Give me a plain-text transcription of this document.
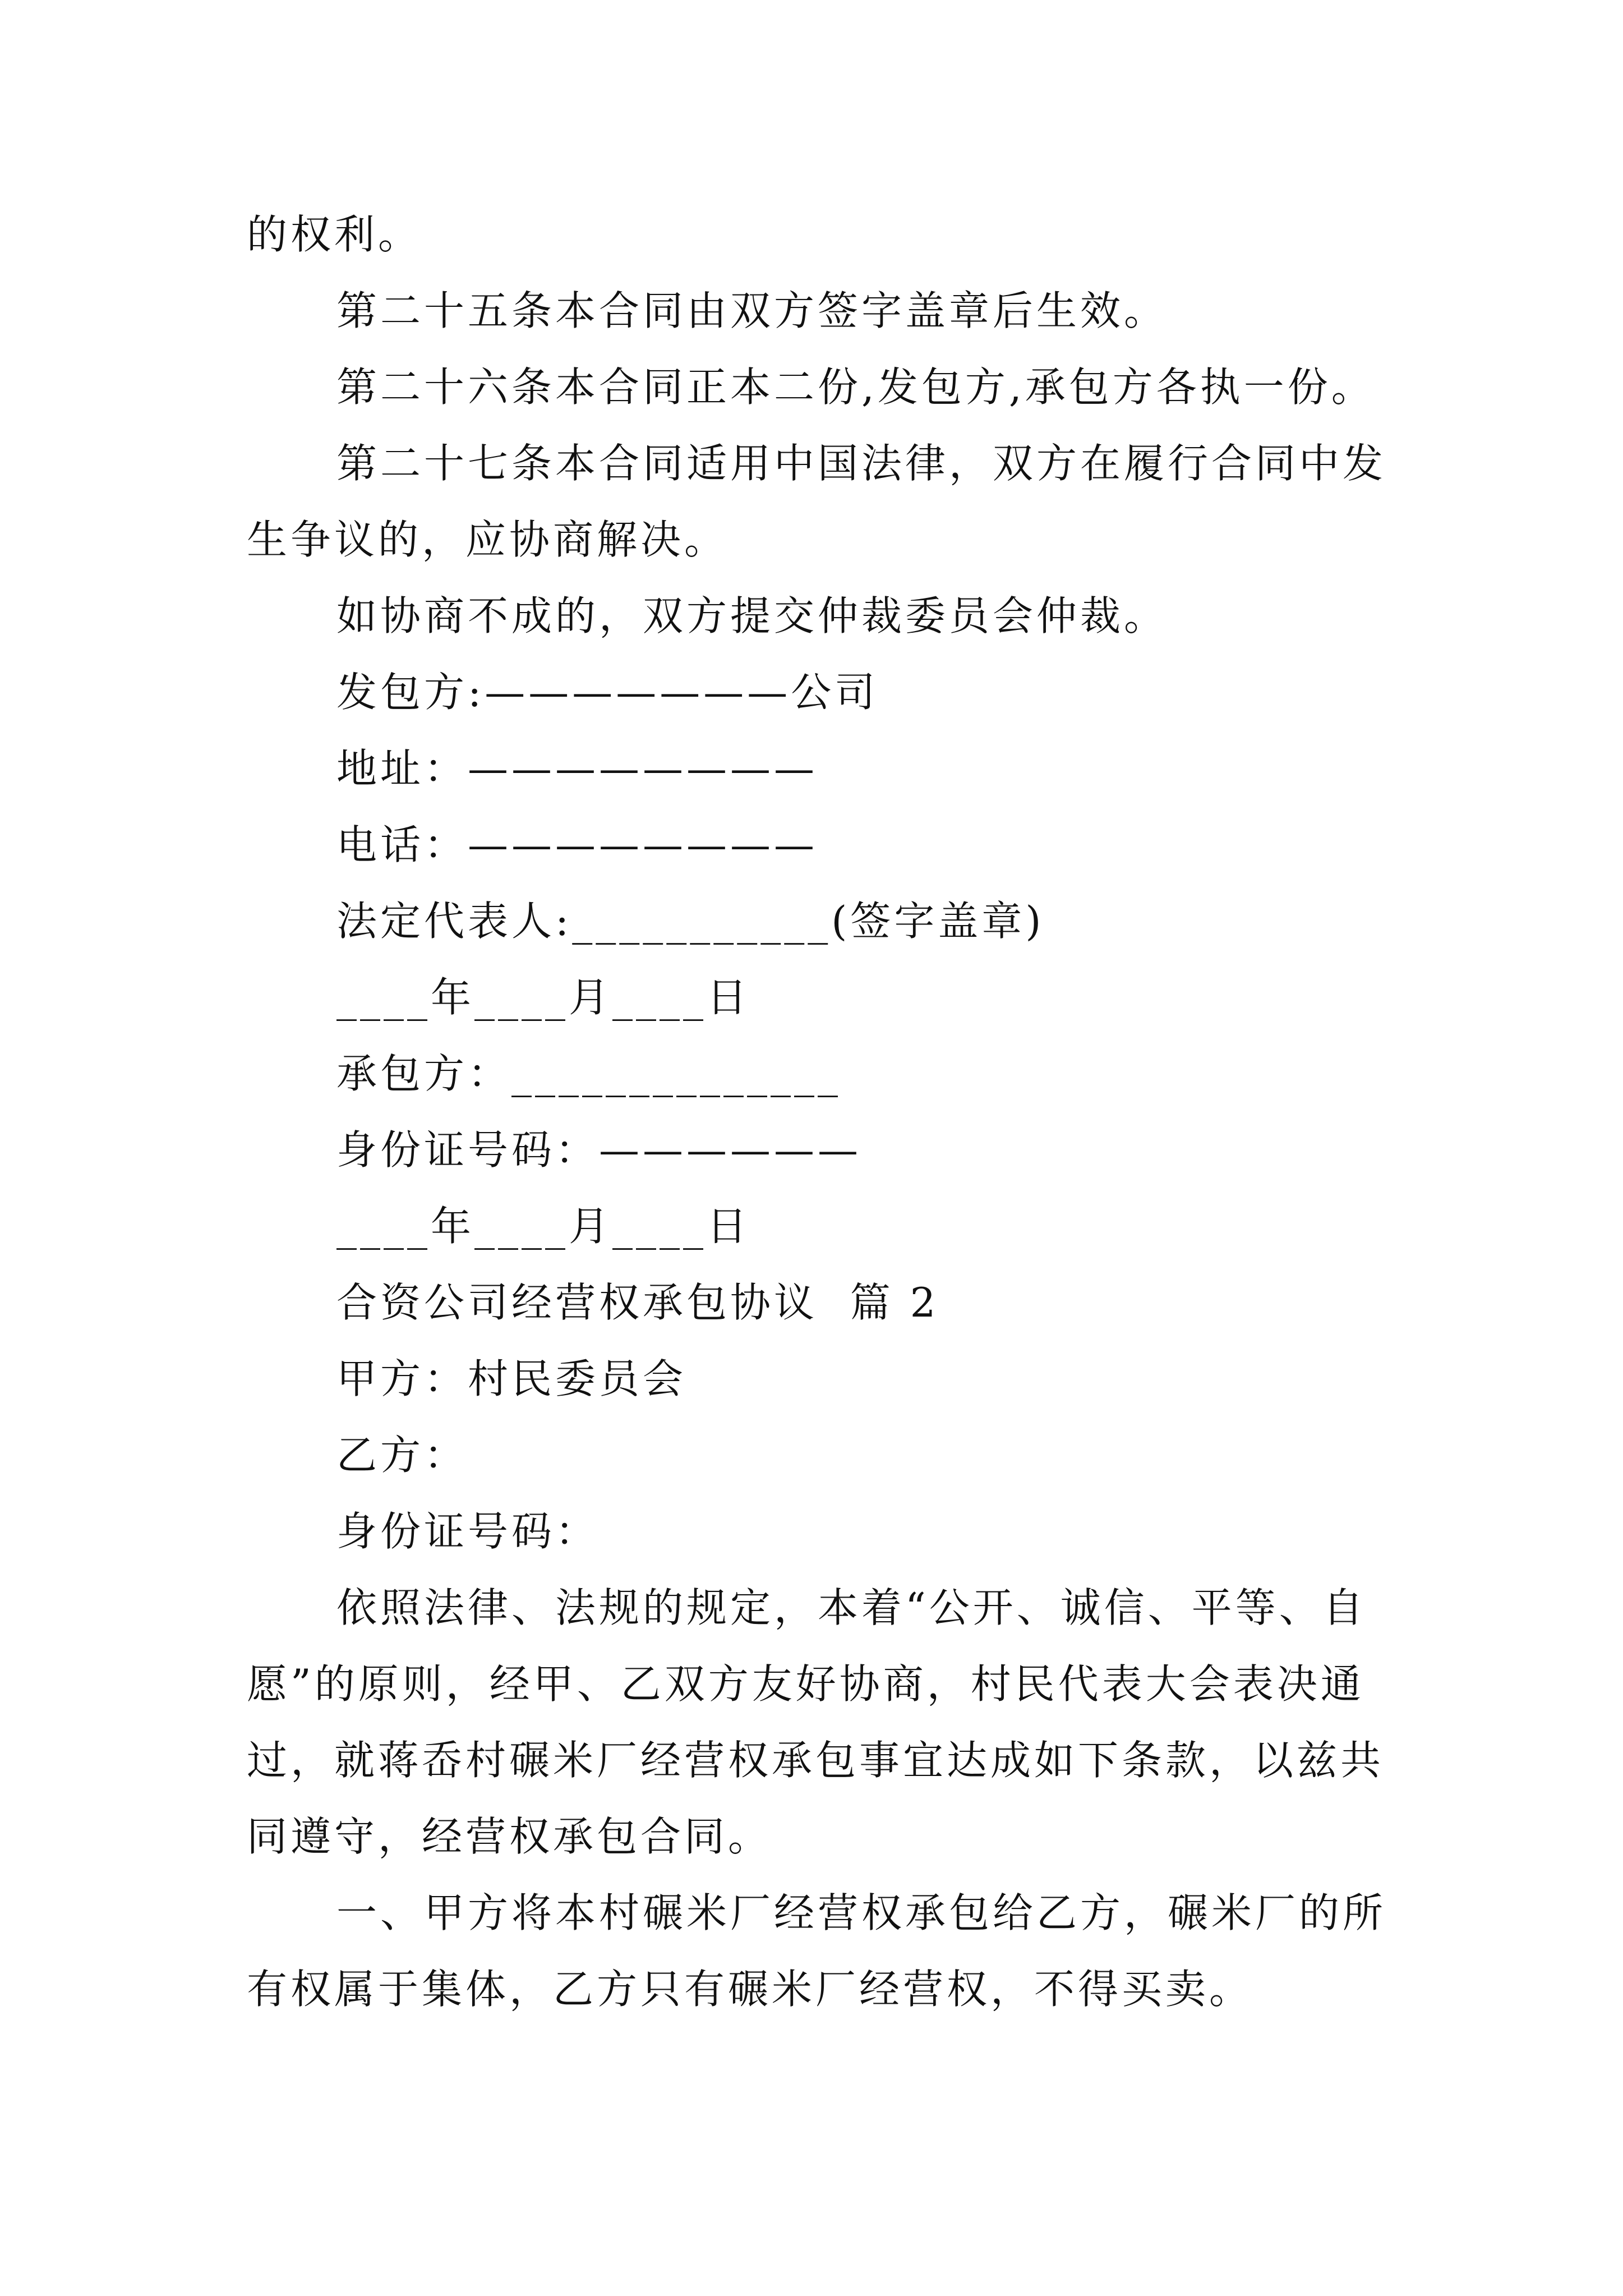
的权利。

第二十五条本合同由双方签字盖章后生效。

第二十六条本合同正本二份,发包方,承包方各执一份。

第二十七条本合同适用中国法律，双方在履行合同中发生争议的，应协商解决。

如协商不成的，双方提交仲裁委员会仲裁。

发包方:———————公司

地址：————————

电话：————————

法定代表人:___________(签字盖章)

____年____月____日

承包方：______________

身份证号码：——————

____年____月____日

合资公司经营权承包协议  篇 2

甲方：村民委员会

乙方：

身份证号码：

依照法律、法规的规定，本着“公开、诚信、平等、自愿”的原则，经甲、乙双方友好协商，村民代表大会表决通过，就蒋岙村碾米厂经营权承包事宜达成如下条款，以兹共同遵守，经营权承包合同。

一、甲方将本村碾米厂经营权承包给乙方，碾米厂的所有权属于集体，乙方只有碾米厂经营权，不得买卖。
